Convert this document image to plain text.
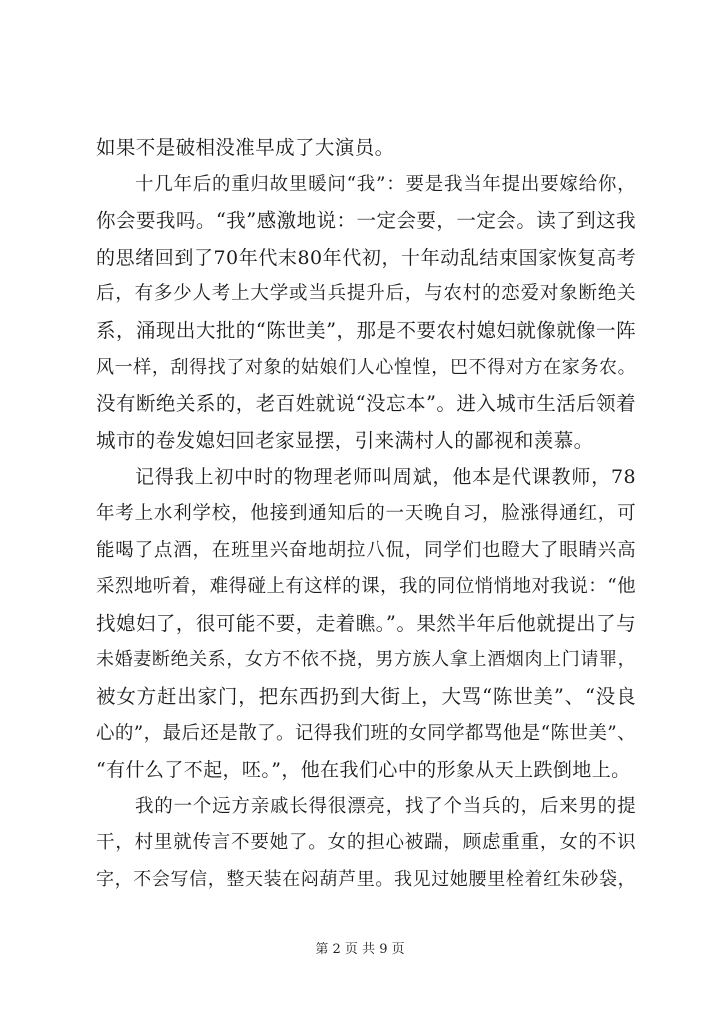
如果不是破相没准早成了大演员。
十几年后的重归故里暖问“我”：要是我当年提出要嫁给你，
你会要我吗。“我”感激地说：一定会要，一定会。读了到这我
的思绪回到了70年代末80年代初，十年动乱结束国家恢复高考
后，有多少人考上大学或当兵提升后，与农村的恋爱对象断绝关
系，涌现出大批的“陈世美”，那是不要农村媳妇就像就像一阵
风一样，刮得找了对象的姑娘们人心惶惶，巴不得对方在家务农。
没有断绝关系的，老百姓就说“没忘本”。进入城市生活后领着
城市的卷发媳妇回老家显摆，引来满村人的鄙视和羡慕。
记得我上初中时的物理老师叫周斌，他本是代课教师，78
年考上水利学校，他接到通知后的一天晚自习，脸涨得通红，可
能喝了点酒，在班里兴奋地胡拉八侃，同学们也瞪大了眼睛兴高
采烈地听着，难得碰上有这样的课，我的同位悄悄地对我说：“他
找媳妇了，很可能不要，走着瞧。”。果然半年后他就提出了与
未婚妻断绝关系，女方不依不挠，男方族人拿上酒烟肉上门请罪，
被女方赶出家门，把东西扔到大街上，大骂“陈世美”、“没良
心的”，最后还是散了。记得我们班的女同学都骂他是“陈世美”、
“有什么了不起，呸。”，他在我们心中的形象从天上跌倒地上。
我的一个远方亲戚长得很漂亮，找了个当兵的，后来男的提
干，村里就传言不要她了。女的担心被踹，顾虑重重，女的不识
字，不会写信，整天装在闷葫芦里。我见过她腰里栓着红朱砂袋，
第 2 页 共 9 页
